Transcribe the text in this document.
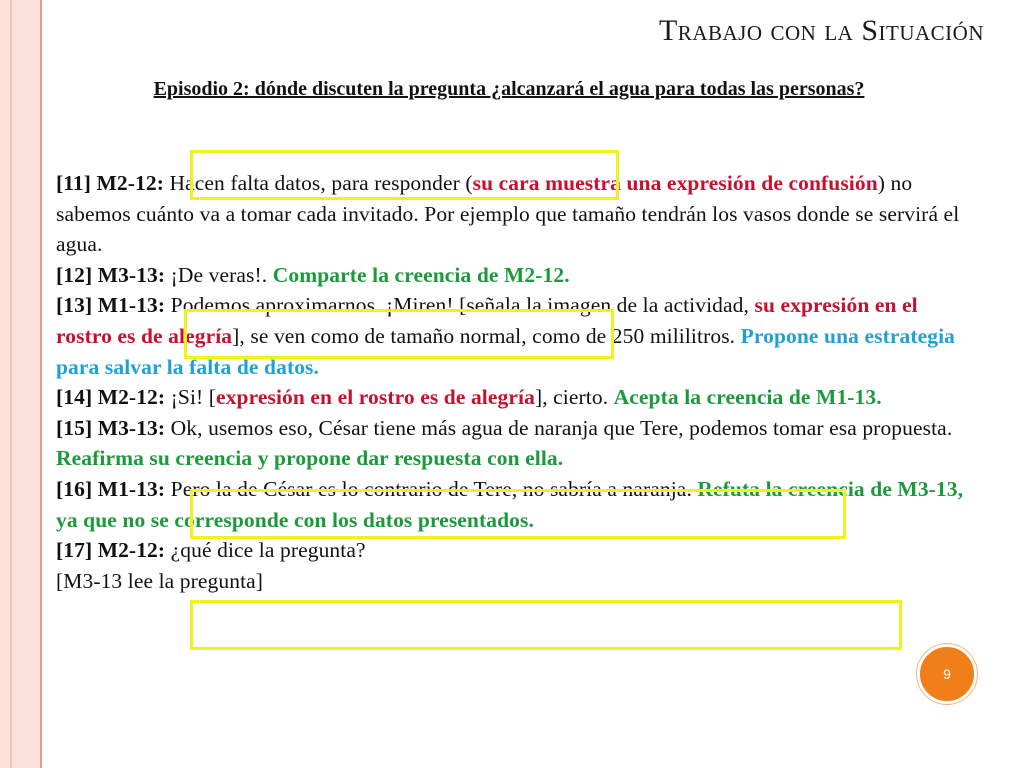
Trabajo con la Situación
Episodio 2: dónde discuten la pregunta ¿alcanzará el agua para todas las personas?

[11] M2-12: Hacen falta datos, para responder (su cara muestra una expresión de confusión) no sabemos cuánto va a tomar cada invitado. Por ejemplo que tamaño tendrán los vasos donde se servirá el agua.

[12] M3-13: ¡De veras!. Comparte la creencia de M2-12.

[13] M1-13: Podemos aproximarnos. ¡Miren! [señala la imagen de la actividad, su expresión en el rostro es de alegría], se ven como de tamaño normal, como de 250 mililitros. Propone una estrategia para salvar la falta de datos.

[14] M2-12: ¡Si! [expresión en el rostro es de alegría], cierto. Acepta la creencia de M1-13.

[15] M3-13: Ok, usemos eso, César tiene más agua de naranja que Tere, podemos tomar esa propuesta. Reafirma su creencia y propone dar respuesta con ella.

[16] M1-13: Pero la de César es lo contrario de Tere, no sabría a naranja. Refuta la creencia de M3-13, ya que no se corresponde con los datos presentados.

[17] M2-12: ¿qué dice la pregunta?

[M3-13 lee la pregunta]

9
